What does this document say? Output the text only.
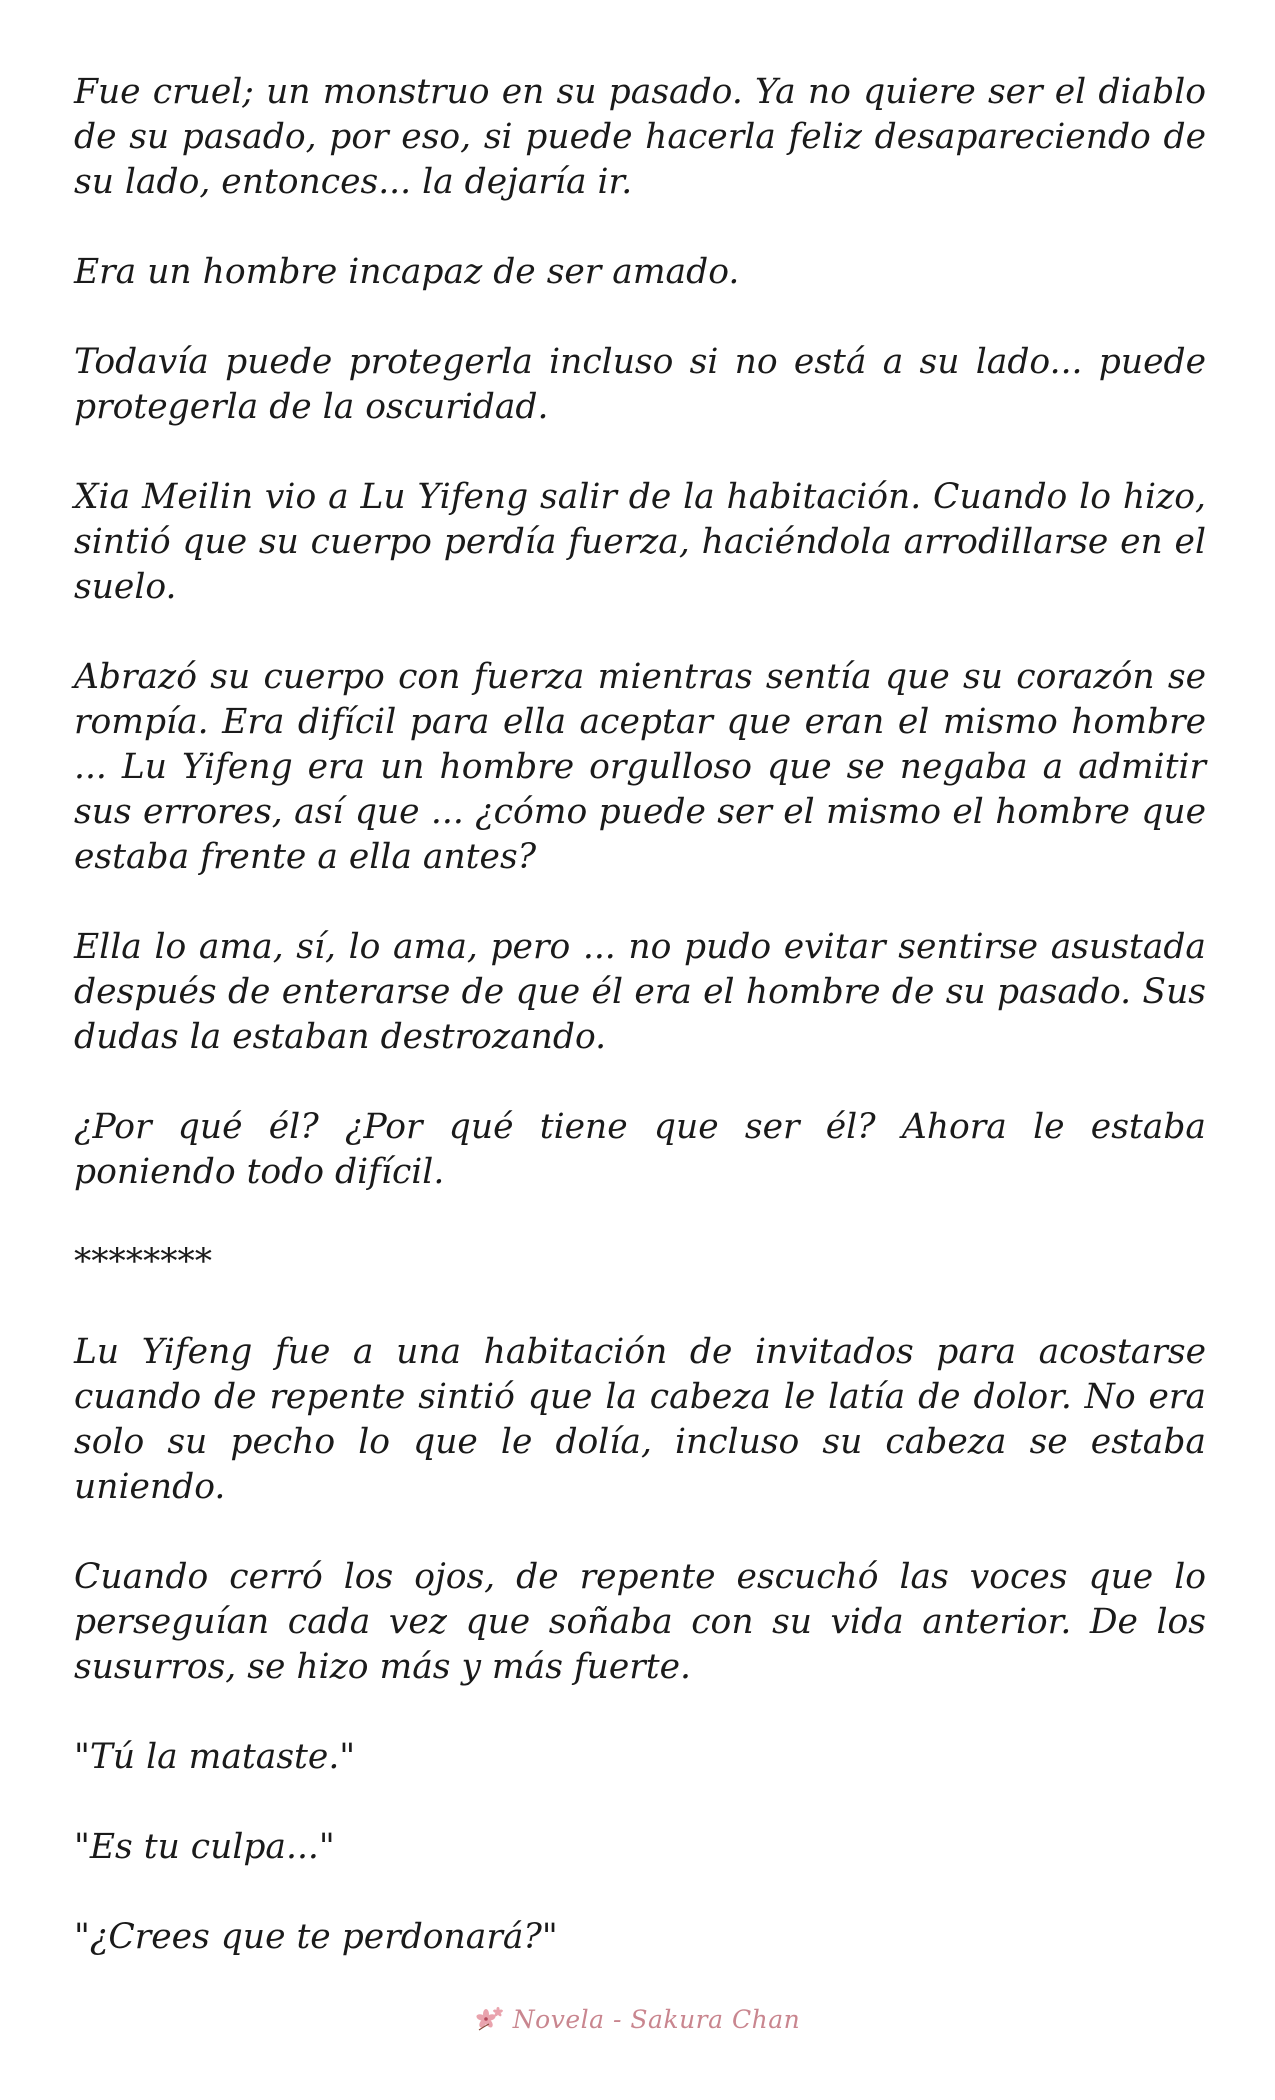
Fue cruel; un monstruo en su pasado. Ya no quiere ser el diablo de su pasado, por eso, si puede hacerla feliz desapareciendo de su lado, entonces... la dejaría ir.

Era un hombre incapaz de ser amado.

Todavía puede protegerla incluso si no está a su lado... puede protegerla de la oscuridad.

Xia Meilin vio a Lu Yifeng salir de la habitación. Cuando lo hizo, sintió que su cuerpo perdía fuerza, haciéndola arrodillarse en el suelo.

Abrazó su cuerpo con fuerza mientras sentía que su corazón se rompía. Era difícil para ella aceptar que eran el mismo hombre ... Lu Yifeng era un hombre orgulloso que se negaba a admitir sus errores, así que ... ¿cómo puede ser el mismo el hombre que estaba frente a ella antes?

Ella lo ama, sí, lo ama, pero ... no pudo evitar sentirse asustada después de enterarse de que él era el hombre de su pasado. Sus dudas la estaban destrozando.

¿Por qué él? ¿Por qué tiene que ser él? Ahora le estaba poniendo todo difícil.

********

Lu Yifeng fue a una habitación de invitados para acostarse cuando de repente sintió que la cabeza le latía de dolor. No era solo su pecho lo que le dolía, incluso su cabeza se estaba uniendo.

Cuando cerró los ojos, de repente escuchó las voces que lo perseguían cada vez que soñaba con su vida anterior. De los susurros, se hizo más y más fuerte.

"Tú la mataste."

"Es tu culpa..."

"¿Crees que te perdonará?"

Novela - Sakura Chan
